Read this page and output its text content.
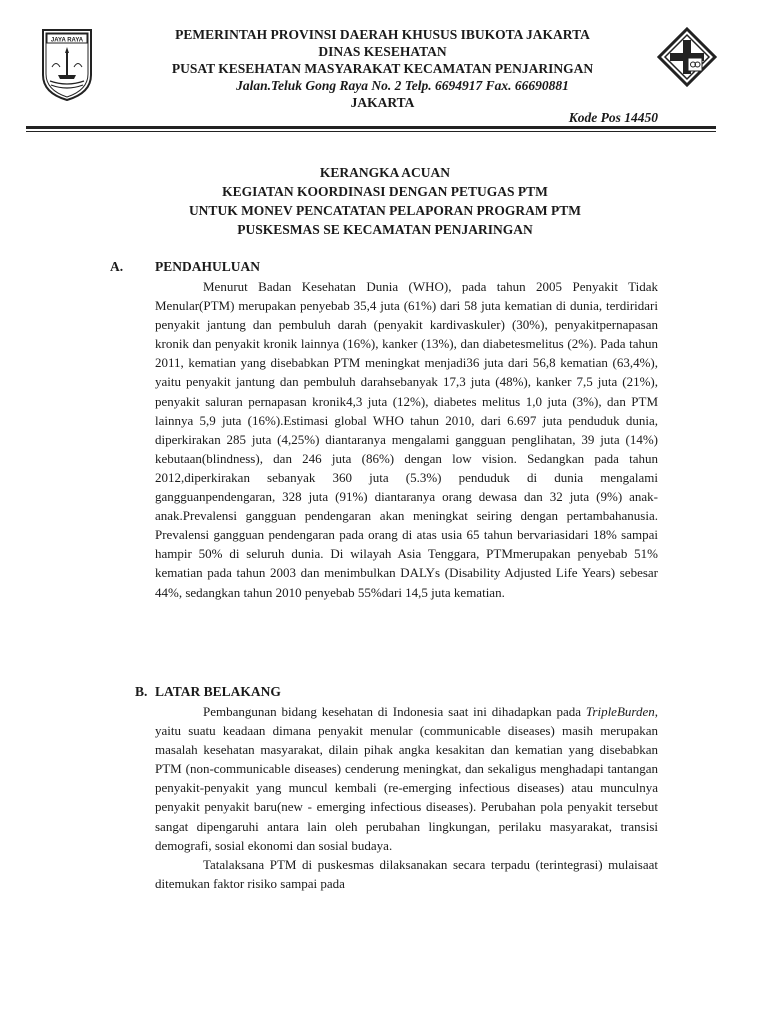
JAYA RAYA	PEMERINTAH PROVINSI DAERAH KHUSUS IBUKOTA JAKARTA
DINAS KESEHATAN
PUSAT KESEHATAN MASYARAKAT KECAMATAN PENJARINGAN
Jalan.Teluk Gong Raya No. 2 Telp. 6694917 Fax. 66690881
JAKARTA
Kode Pos 14450
KERANGKA ACUAN
KEGIATAN KOORDINASI DENGAN PETUGAS PTM
UNTUK MONEV PENCATATAN PELAPORAN PROGRAM PTM
PUSKESMAS SE KECAMATAN PENJARINGAN
A. PENDAHULUAN

Menurut Badan Kesehatan Dunia (WHO), pada tahun 2005 Penyakit Tidak Menular(PTM) merupakan penyebab 35,4 juta (61%) dari 58 juta kematian di dunia, terdiridari penyakit jantung dan pembuluh darah (penyakit kardivaskuler) (30%), penyakitpernapasan kronik dan penyakit kronik lainnya (16%), kanker (13%), dan diabetesmelitus (2%). Pada tahun 2011, kematian yang disebabkan PTM meningkat menjadi36 juta dari 56,8 kematian (63,4%), yaitu penyakit jantung dan pembuluh darahsebanyak 17,3 juta (48%), kanker 7,5 juta (21%), penyakit saluran pernapasan kronik4,3 juta (12%), diabetes melitus 1,0 juta (3%), dan PTM lainnya 5,9 juta (16%).Estimasi global WHO tahun 2010, dari 6.697 juta penduduk dunia, diperkirakan 285 juta (4,25%) diantaranya mengalami gangguan penglihatan, 39 juta (14%) kebutaan(blindness), dan 246 juta (86%) dengan low vision. Sedangkan pada tahun 2012,diperkirakan sebanyak 360 juta (5.3%) penduduk di dunia mengalami gangguanpendengaran, 328 juta (91%) diantaranya orang dewasa dan 32 juta (9%) anak-anak.Prevalensi gangguan pendengaran akan meningkat seiring dengan pertambahanusia. Prevalensi gangguan pendengaran pada orang di atas usia 65 tahun bervariasidari 18% sampai hampir 50% di seluruh dunia. Di wilayah Asia Tenggara, PTMmerupakan penyebab 51% kematian pada tahun 2003 dan menimbulkan DALYs (Disability Adjusted Life Years) sebesar 44%, sedangkan tahun 2010 penyebab 55%dari 14,5 juta kematian.

B. LATAR BELAKANG

Pembangunan bidang kesehatan di Indonesia saat ini dihadapkan pada TripleBurden, yaitu suatu keadaan dimana penyakit menular (communicable diseases) masih merupakan masalah kesehatan masyarakat, dilain pihak angka kesakitan dan kematian yang disebabkan PTM (non-communicable diseases) cenderung meningkat, dan sekaligus menghadapi tantangan penyakit-penyakit yang muncul kembali (re-emerging infectious diseases) atau munculnya penyakit penyakit baru(new - emerging infectious diseases). Perubahan pola penyakit tersebut sangat dipengaruhi antara lain oleh perubahan lingkungan, perilaku masyarakat, transisi demografi, sosial ekonomi dan sosial budaya.

Tatalaksana PTM di puskesmas dilaksanakan secara terpadu (terintegrasi) mulaisaat ditemukan faktor risiko sampai pada
